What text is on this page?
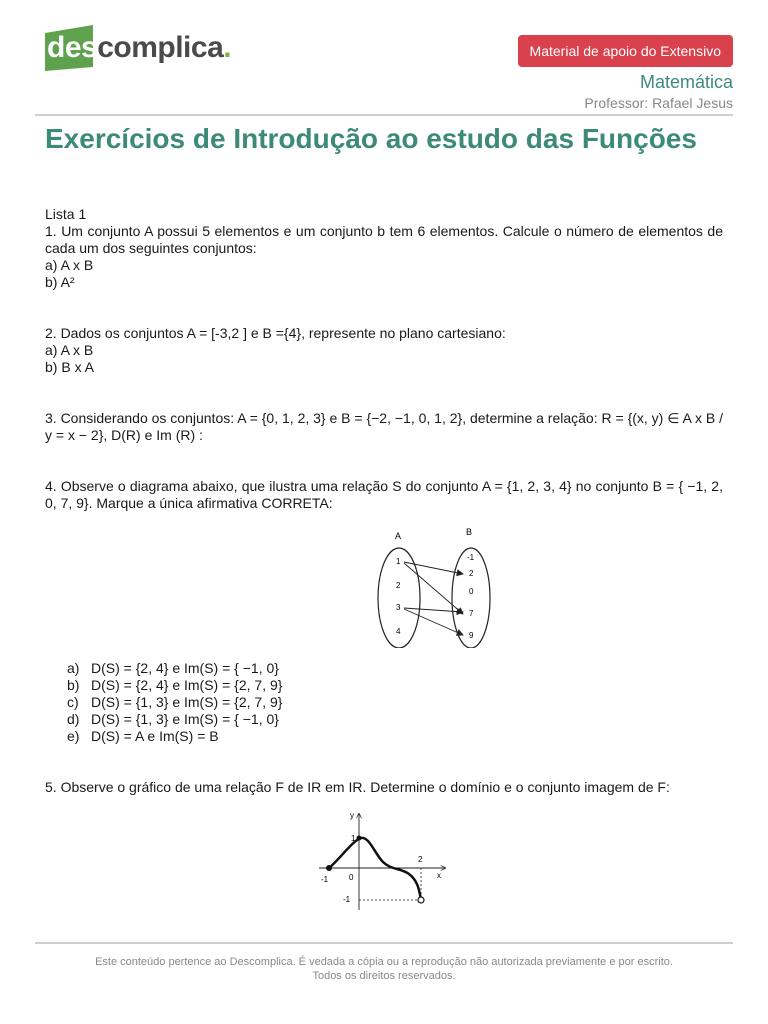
descomplica.	Material de apoio do Extensivo
Matemática
Professor: Rafael Jesus
Exercícios de Introdução ao estudo das Funções

Lista 1

1. Um conjunto A possui 5 elementos e um conjunto b tem 6 elementos. Calcule o número de elementos de cada um dos seguintes conjuntos:

a) A x B

b) A²

2. Dados os conjuntos A = [-3,2 ] e B ={4}, represente no plano cartesiano:

a) A x B

b) B x A

3. Considerando os conjuntos: A = {0, 1, 2, 3} e B = {−2, −1, 0, 1, 2}, determine a relação: R = {(x, y) ∈ A x B / y = x − 2}, D(R) e Im (R) :

4. Observe o diagrama abaixo, que ilustra uma relação S do conjunto A = {1, 2, 3, 4} no conjunto B = { −1, 2, 0, 7, 9}. Marque a única afirmativa CORRETA:

A	B
1
2
3
4
-1
2
0
7
9
a) D(S) = {2, 4} e Im(S) = { −1, 0}
b) D(S) = {2, 4} e Im(S) = {2, 7, 9}
c) D(S) = {1, 3} e Im(S) = {2, 7, 9}
d) D(S) = {1, 3} e Im(S) = { −1, 0}
e) D(S) = A e Im(S) = B

5. Observe o gráfico de uma relação F de IR em IR. Determine o domínio e o conjunto imagem de F:

y
x
1
-1	0
2
-1
Este conteúdo pertence ao Descomplica. É vedada a cópia ou a reprodução não autorizada previamente e por escrito.
Todos os direitos reservados.
